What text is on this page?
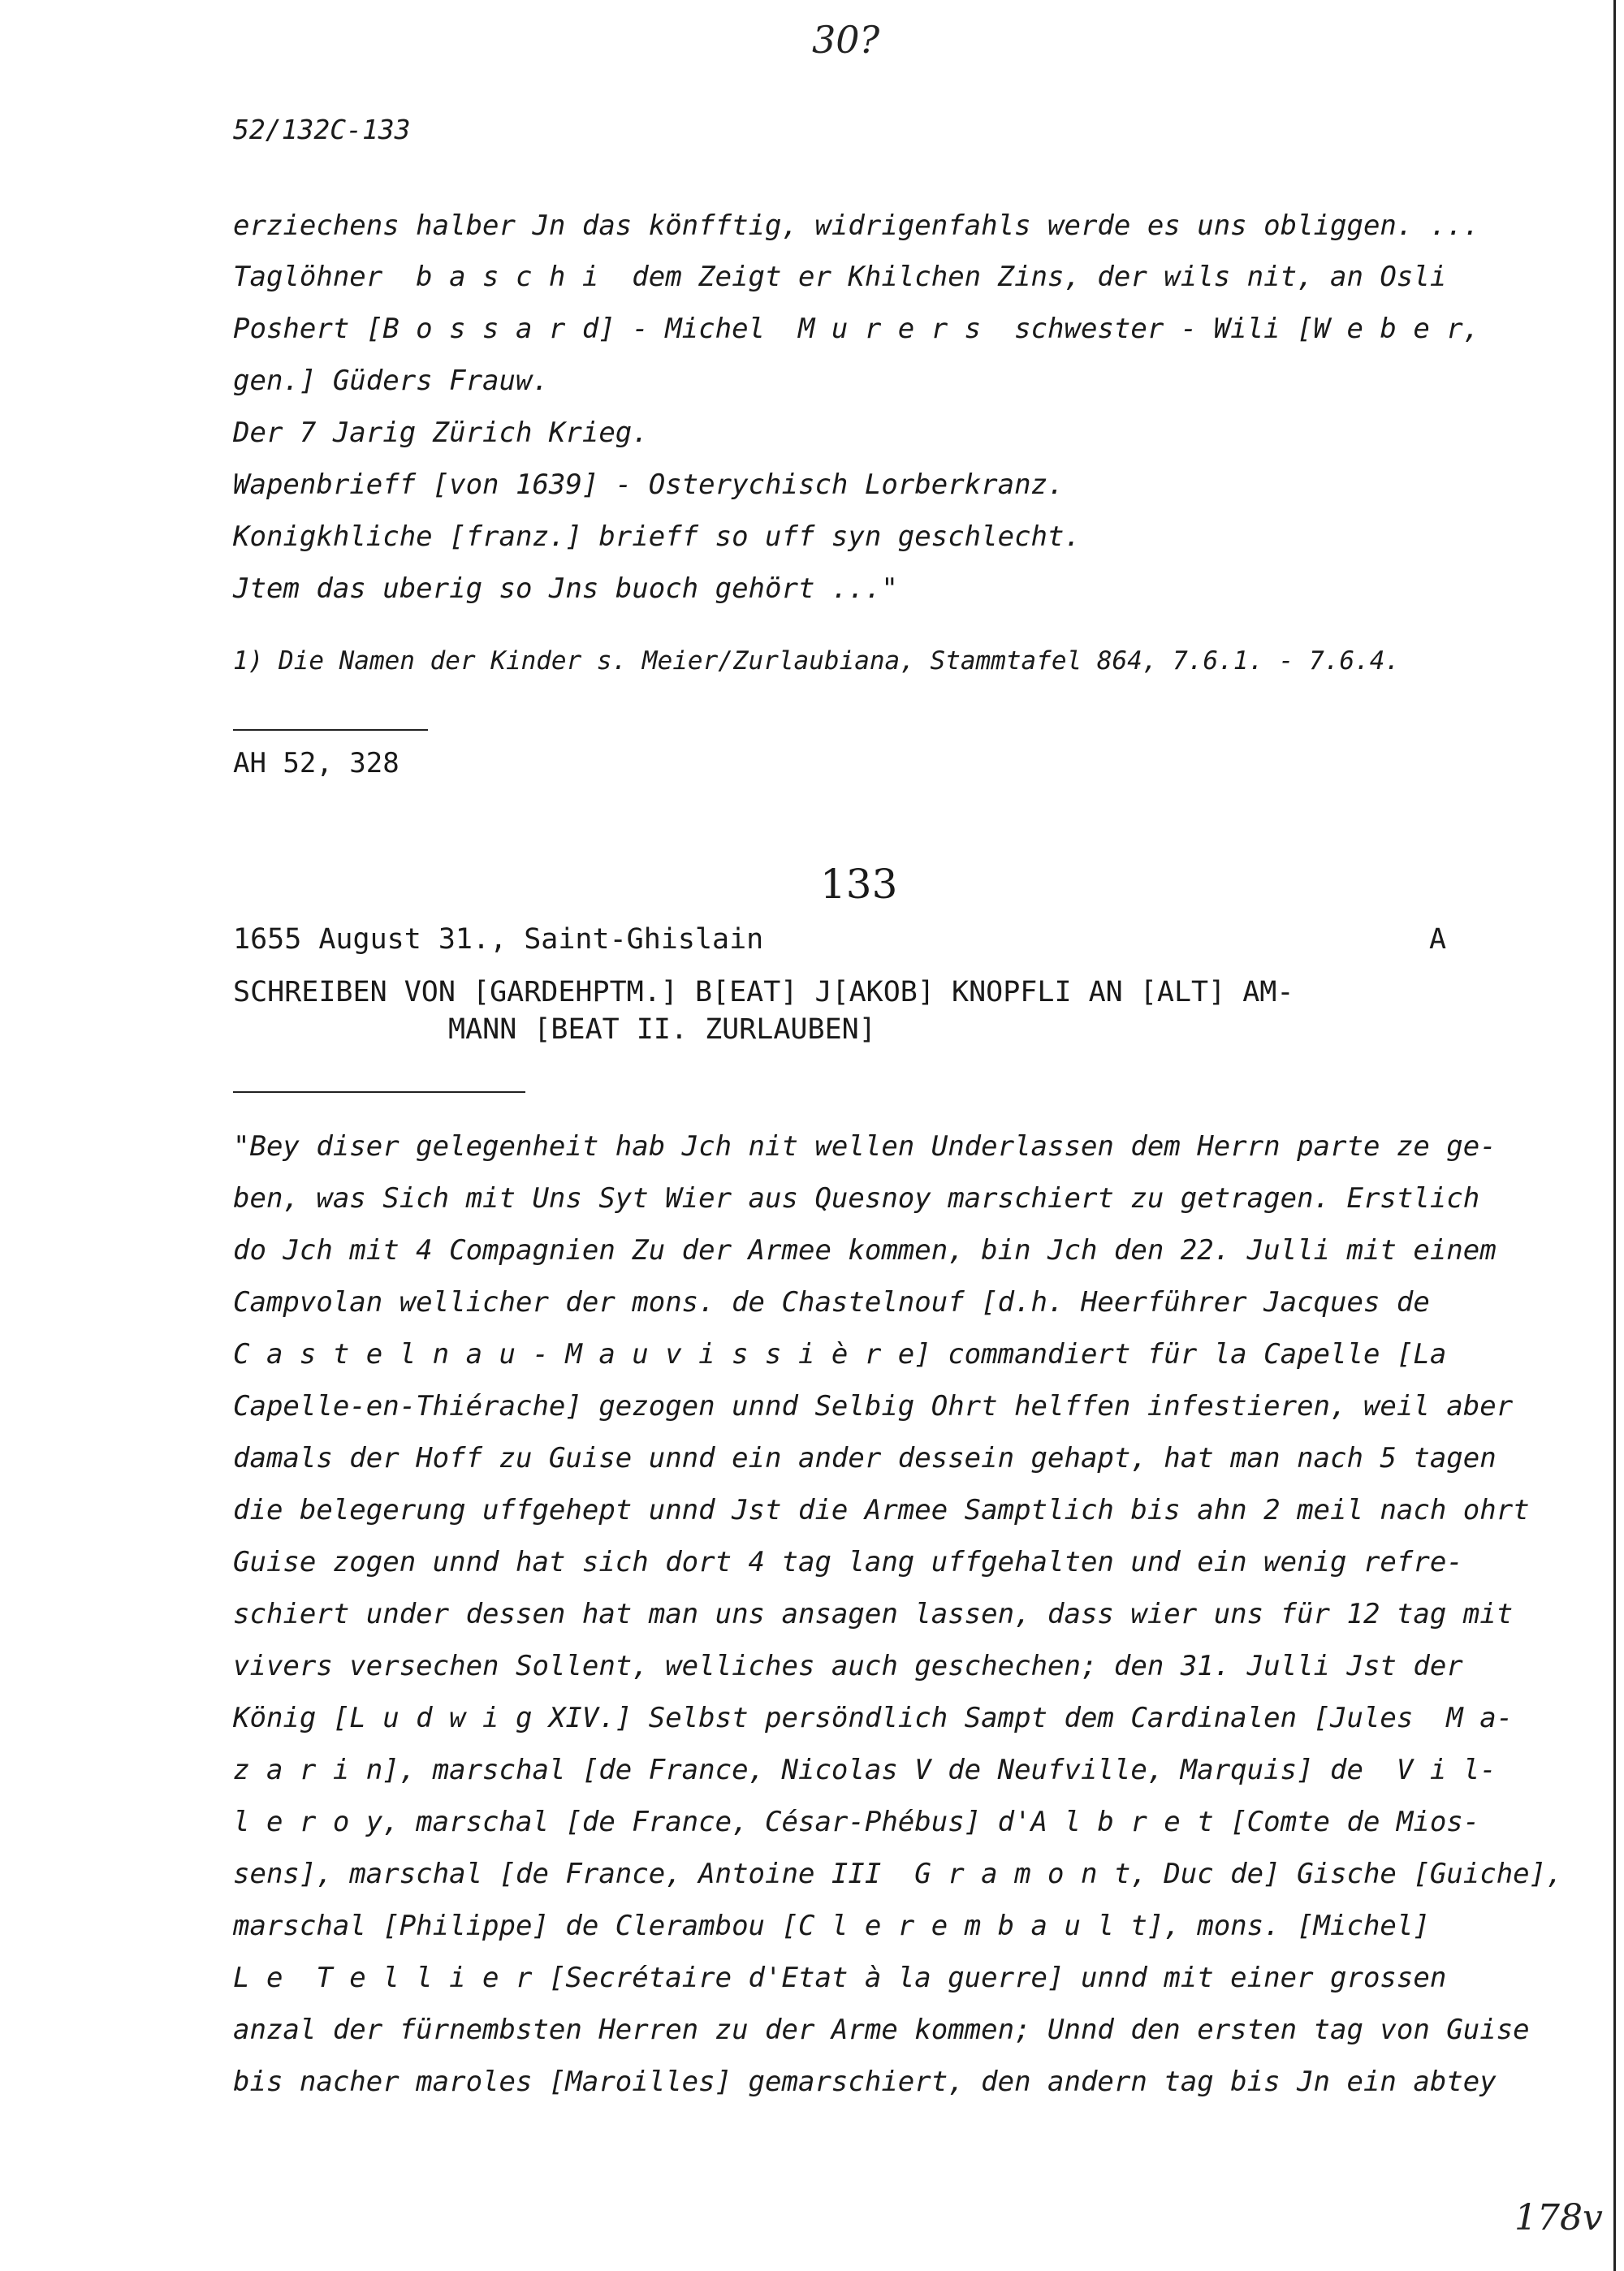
30?
52/132C-133
erziechens halber Jn das könfftig, widrigenfahls werde es uns obliggen. ...
Taglöhner  b a s c h i  dem Zeigt er Khilchen Zins, der wils nit, an Osli
Poshert [B o s s a r d] - Michel  M u r e r s  schwester - Wili [W e b e r,
gen.] Güders Frauw.
Der 7 Jarig Zürich Krieg.
Wapenbrieff [von 1639] - Osterychisch Lorberkranz.
Konigkhliche [franz.] brieff so uff syn geschlecht.
Jtem das uberig so Jns buoch gehört ..."
1) Die Namen der Kinder s. Meier/Zurlaubiana, Stammtafel 864, 7.6.1. - 7.6.4.
AH 52, 328
133
1655 August 31., Saint-Ghislain	A
SCHREIBEN VON [GARDEHPTM.] B[EAT] J[AKOB] KNOPFLI AN [ALT] AM-
MANN [BEAT II. ZURLAUBEN]
"Bey diser gelegenheit hab Jch nit wellen Underlassen dem Herrn parte ze ge-
ben, was Sich mit Uns Syt Wier aus Quesnoy marschiert zu getragen. Erstlich
do Jch mit 4 Compagnien Zu der Armee kommen, bin Jch den 22. Julli mit einem
Campvolan wellicher der mons. de Chastelnouf [d.h. Heerführer Jacques de
C a s t e l n a u - M a u v i s s i è r e] commandiert für la Capelle [La
Capelle-en-Thiérache] gezogen unnd Selbig Ohrt helffen infestieren, weil aber
damals der Hoff zu Guise unnd ein ander dessein gehapt, hat man nach 5 tagen
die belegerung uffgehept unnd Jst die Armee Samptlich bis ahn 2 meil nach ohrt
Guise zogen unnd hat sich dort 4 tag lang uffgehalten und ein wenig refre-
schiert under dessen hat man uns ansagen lassen, dass wier uns für 12 tag mit
vivers versechen Sollent, welliches auch geschechen; den 31. Julli Jst der
König [L u d w i g XIV.] Selbst persöndlich Sampt dem Cardinalen [Jules  M a-
z a r i n], marschal [de France, Nicolas V de Neufville, Marquis] de  V i l-
l e r o y, marschal [de France, César-Phébus] d'A l b r e t [Comte de Mios-
sens], marschal [de France, Antoine III  G r a m o n t, Duc de] Gische [Guiche],
marschal [Philippe] de Clerambou [C l e r e m b a u l t], mons. [Michel]
L e  T e l l i e r [Secrétaire d'Etat à la guerre] unnd mit einer grossen
anzal der fürnembsten Herren zu der Arme kommen; Unnd den ersten tag von Guise
bis nacher maroles [Maroilles] gemarschiert, den andern tag bis Jn ein abtey
178v
